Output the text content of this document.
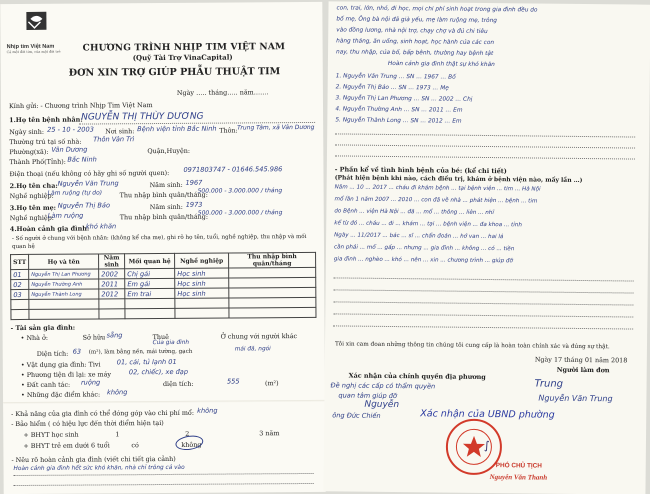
Nhịp tim Việt Nam
Cả một đời tim, của một đời trẻ	CHƯƠNG TRÌNH NHỊP TIM VIỆT NAM
(Quỹ Tài Trợ VinaCapital)
ĐƠN XIN TRỢ GIÚP PHẪU THUẬT TIM
Ngày ….. tháng….. năm…….
Kính gửi: - Chương trình Nhịp Tim Việt Nam
1.Họ tên bệnh nhân:
NGUYỄN THỊ THÙY DƯƠNG
Ngày sinh: 25 - 10 - 2003 Nơi sinh: Bệnh viện tỉnh Bắc Ninh Thôn: Trung Tâm, xã Vân Dương
Thường trú tại số nhà: Thôn Vân Trì
Phường(xã): Vân Dương	Quận,Huyện:
Thành Phố(Tỉnh): Bắc Ninh
Điện thoại (nếu không có hãy ghi số người quen): 0971803747 - 01646.545.986
2.Họ tên cha: Nguyễn Văn Trung	Năm sinh: 1967
Nghề nghiệp:
Làm ruộng (tự do)	Thu nhập bình quân/tháng:
500.000 - 3.000.000 / tháng
3.Họ tên mẹ: Nguyễn Thị Bảo	Năm sinh: 1973
Nghề nghiệp:
Làm ruộng	Thu nhập bình quân/tháng:
500.000 - 3.000.000 / tháng
4.Hoàn cảnh gia đình:
khó khăn
- Số người ở chung với bệnh nhân: (không kể cha mẹ), ghi rõ họ tên, tuổi, nghề nghiệp, thu nhập và mối quan hệ
STT	Họ và tên	Năm sinh	Mối quan hệ	Nghề nghiệp	Thu nhập bình quân/tháng
01	Nguyễn Thị Lan Phương	2002	Chị gái	Học sinh	
02	Nguyễn Thường Anh	2011	Em gái	Học sinh	
03	Nguyễn Thành Long	2012	Em trai	Học sinh	

- Tài sản gia đình:
• Nhà ở:	Sở hữu sẵng	Thuê	Ở chung với người khác
Của gia đình
Diện tích: 63 (m²), làm bằng nền, mái tường, gạch	mái đã, ngói
• Vật dụng gia đình: Tivi 01, cái, tủ lạnh 01
• Phương tiện đi lại: xe máy	02, chiếc), xe đạp
• Đất canh tác: ruộng	diện tích:	555	(m²)
• Những đặc điểm khác: không
- Khả năng của gia đình có thể đóng góp vào chi phí mổ: không
- Bảo hiểm ( có hiệu lực đến thời điểm hiện tại)
+ BHYT học sinh	1	2	3 năm
+ BHYT trẻ em dưới 6 tuổi	có	không
- Nêu rõ hoàn cảnh gia đình (viết chi tiết gia cảnh)
Hoàn cảnh gia đình hết sức khó khăn, nhà chỉ trông cả vào
con, trai, lớn, nhỏ, đi học, mọi chi phí sinh hoạt trong gia đình đều do
bố mẹ, Ông bà nội đã già yếu, mẹ làm ruộng mẹ, trông
vào đồng lương, nhà nội trợ, chạy chợ và đủ chi tiêu
hàng tháng, ăn uống, sinh hoạt, học hành của các con
nay, thu nhập, của bố, bấp bênh, thường hay bệnh tật
Hoàn cảnh gia đình thật sự khó khăn
1. Nguyễn Văn Trung … SN … 1967 … Bố
2. Nguyễn Thị Bảo … SN … 1973 … Mẹ
3. Nguyễn Thị Lan Phương … SN … 2002 … Chị
4. Nguyễn Thường Anh … SN … 2011 … Em
5. Nguyễn Thành Long … SN … 2012 … Em
- Phần kể về tình hình bệnh của bé: (kể chi tiết)
(Phát hiện bệnh khi nào, cách điều trị, khám ở bệnh viện nào, mấy lần …)
Năm ... 10 ... 2017 ... cháu đi khám bệnh ... tại bệnh viện ... tim ... Hà Nội
mổ lần 1 năm 2007 ... 2010 ... con đã về nhà ... phát hiện ... bệnh ... tim
do Bệnh ... viện Hà Nội ... đã ... mổ ... thông ... liên ... nhĩ
kể từ đó ... cháu ... đi ... khám ... tại ... bệnh viện ... đa khoa ... tỉnh
Ngày ... 11/2017 ... bác ... sĩ ... chẩn đoán ... hở van ... hai lá
cần phải ... mổ ... gấp ... nhưng ... gia đình ... không ... có ... tiền
gia đình ... nghèo ... khó ... nên ... xin ... chương trình ... giúp đỡ
Tôi xin cam đoan những thông tin chúng tôi cung cấp là hoàn toàn chính xác và đúng sự thật.
Ngày 17 tháng 01 năm 2018
Người làm đơn
Trung
Nguyễn Văn Trung
Xác nhận của chính quyền địa phương
Đề nghị các cấp có thẩm quyền
quan tâm giúp đỡ
Nguyễn
ông Đức Chiến	Xác nhận của UBND phường
∫
PHÓ CHỦ TỊCH
Nguyễn Văn Thanh
